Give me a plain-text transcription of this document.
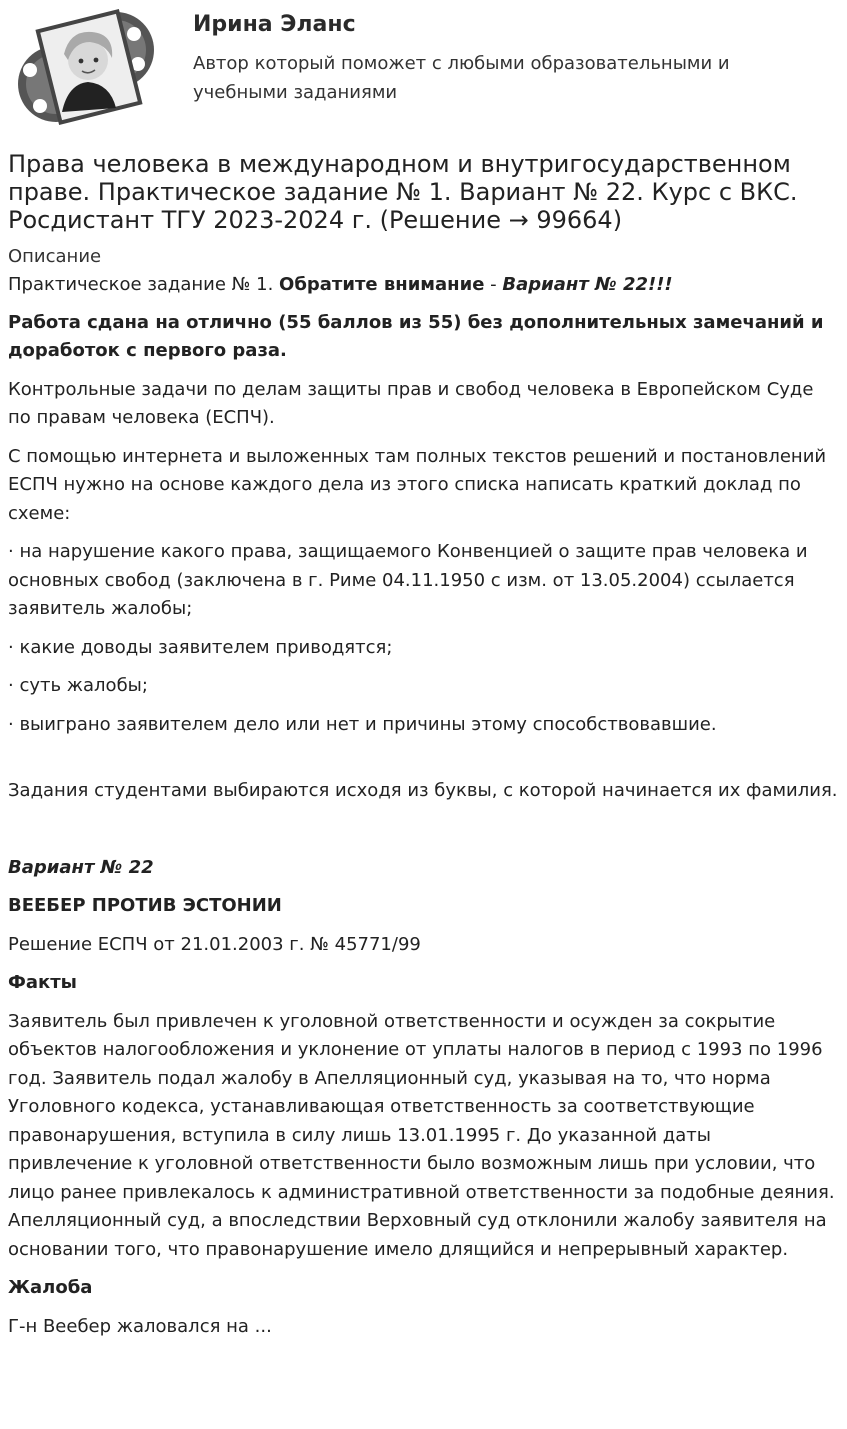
Ирина Эланс
Автор который поможет с любыми образовательными и учебными заданиями
Права человека в международном и внутригосударственном праве. Практическое задание № 1. Вариант № 22. Курс с ВКС. Росдистант ТГУ 2023-2024 г. (Решение → 99664)
Описание

Практическое задание № 1. Обратите внимание - Вариант № 22!!!

Работа сдана на отлично (55 баллов из 55) без дополнительных замечаний и доработок с первого раза.

Контрольные задачи по делам защиты прав и свобод человека в Европейском Суде по правам человека (ЕСПЧ).

С помощью интернета и выложенных там полных текстов решений и постановлений ЕСПЧ нужно на основе каждого дела из этого списка написать краткий доклад по схеме:

· на нарушение какого права, защищаемого Конвенцией о защите прав человека и основных свобод (заключена в г. Риме 04.11.1950 с изм. от 13.05.2004) ссылается заявитель жалобы;

· какие доводы заявителем приводятся;

· суть жалобы;

· выиграно заявителем дело или нет и причины этому способствовавшие.

Задания студентами выбираются исходя из буквы, с которой начинается их фамилия.

Вариант № 22

ВЕЕБЕР ПРОТИВ ЭСТОНИИ

Решение ЕСПЧ от 21.01.2003 г. № 45771/99

Факты

Заявитель был привлечен к уголовной ответственности и осужден за сокрытие объектов налогообложения и уклонение от уплаты налогов в период с 1993 по 1996 год. Заявитель подал жалобу в Апелляционный суд, указывая на то, что норма Уголовного кодекса, устанавливающая ответственность за соответствующие правонарушения, вступила в силу лишь 13.01.1995 г. До указанной даты привлечение к уголовной ответственности было возможным лишь при условии, что лицо ранее привлекалось к административной ответственности за подобные деяния. Апелляционный суд, а впоследствии Верховный суд отклонили жалобу заявителя на основании того, что правонарушение имело длящийся и непрерывный характер.

Жалоба

Г-н Веебер жаловался на ...
